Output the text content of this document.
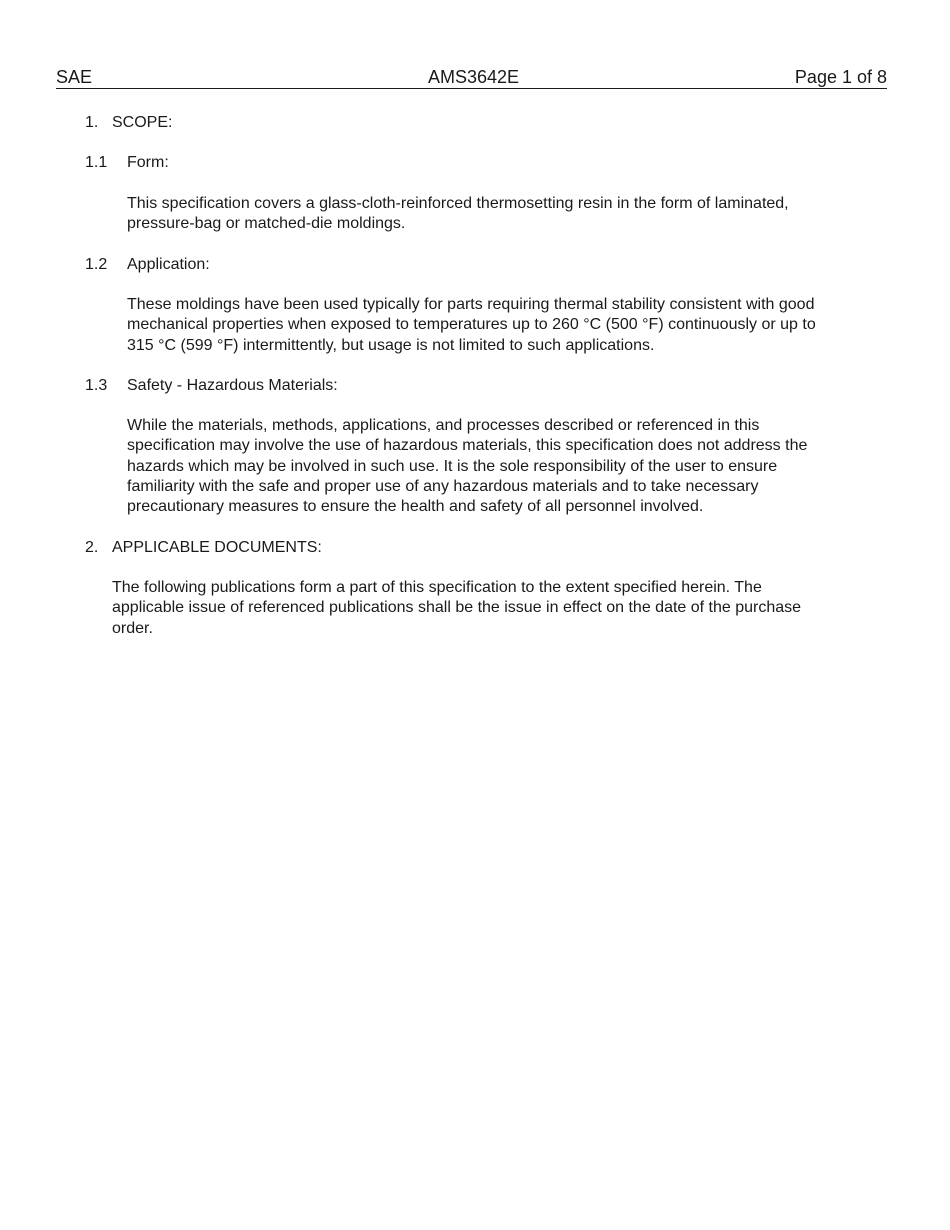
SAE	AMS3642E	Page 1 of 8
1. SCOPE:
1.1 Form:
This specification covers a glass-cloth-reinforced thermosetting resin in the form of laminated,
pressure-bag or matched-die moldings.
1.2 Application:
These moldings have been used typically for parts requiring thermal stability consistent with good
mechanical properties when exposed to temperatures up to 260 °C (500 °F) continuously or up to
315 °C (599 °F) intermittently, but usage is not limited to such applications.
1.3 Safety - Hazardous Materials:
While the materials, methods, applications, and processes described or referenced in this
specification may involve the use of hazardous materials, this specification does not address the
hazards which may be involved in such use. It is the sole responsibility of the user to ensure
familiarity with the safe and proper use of any hazardous materials and to take necessary
precautionary measures to ensure the health and safety of all personnel involved.
2. APPLICABLE DOCUMENTS:
The following publications form a part of this specification to the extent specified herein. The
applicable issue of referenced publications shall be the issue in effect on the date of the purchase
order.
